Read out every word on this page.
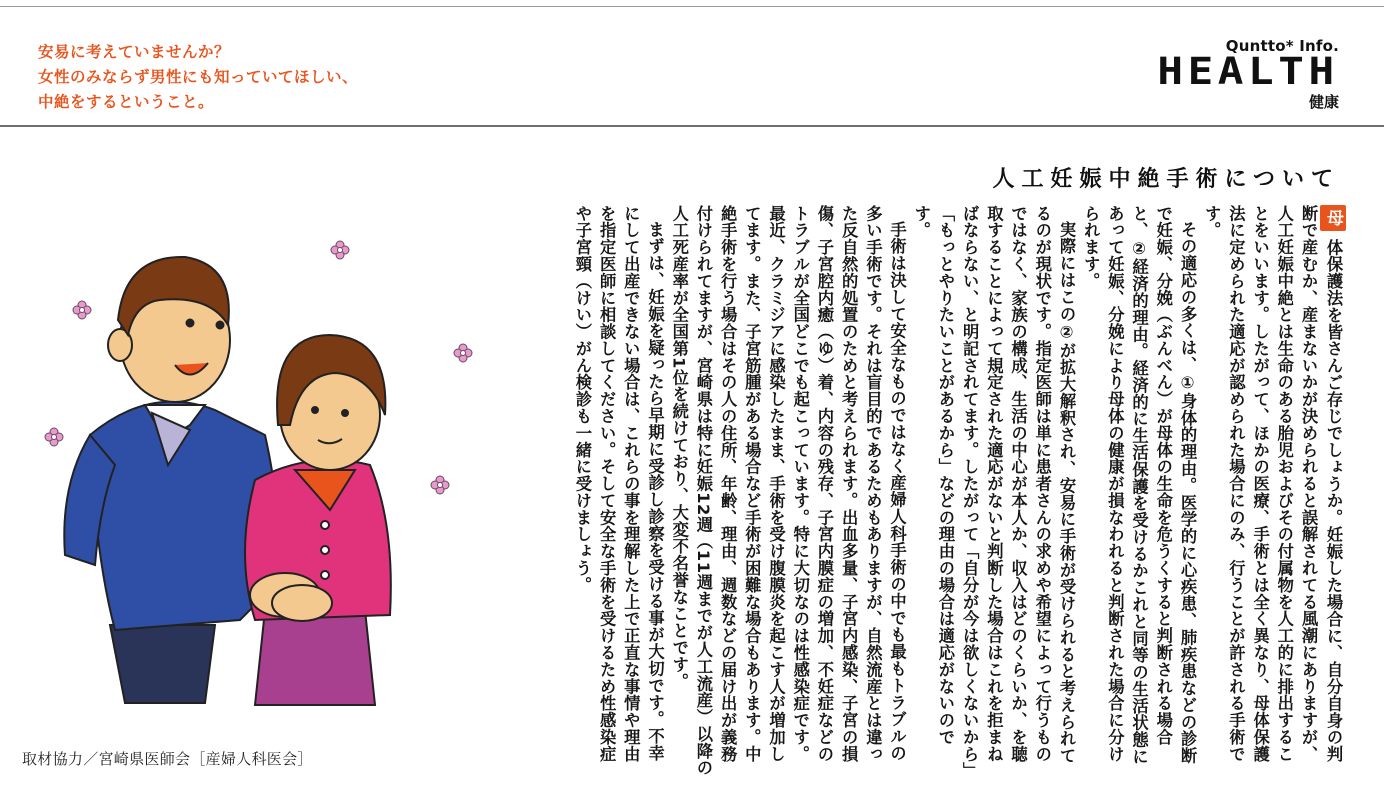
安易に考えていませんか？
女性のみならず男性にも知っていてほしい、
中絶をするということ。
Quntto* Info.
HEALTH
健康
人工妊娠中絶手術について

母体保護法を皆さんご存じでしょうか。妊娠した場合に、自分自身の判断で産むか、産まないかが決められると誤解されてる風潮にありますが、人工妊娠中絶とは生命のある胎児およびその付属物を人工的に排出することをいいます。したがって、ほかの医療、手術とは全く異なり、母体保護法に定められた適応が認められた場合にのみ、行うことが許される手術です。

その適応の多くは、①身体的理由。医学的に心疾患、肺疾患などの診断で妊娠、分娩（ぶんべん）が母体の生命を危うくすると判断される場合と、②経済的理由。経済的に生活保護を受けるかこれと同等の生活状態にあって妊娠、分娩により母体の健康が損なわれると判断された場合に分けられます。

実際にはこの②が拡大解釈され、安易に手術が受けられると考えられてるのが現状です。指定医師は単に患者さんの求めや希望によって行うものではなく、家族の構成、生活の中心が本人か、収入はどのくらいか、を聴取することによって規定された適応がないと判断した場合はこれを拒まねばならない、と明記されてます。したがって「自分が今は欲しくないから」「もっとやりたいことがあるから」などの理由の場合は適応がないのです。

手術は決して安全なものではなく産婦人科手術の中でも最もトラブルの多い手術です。それは盲目的であるためもありますが、自然流産とは違った反自然的処置のためと考えられます。出血多量、子宮内感染、子宮の損傷、子宮腔内癒（ゆ）着、内容の残存、子宮内膜症の増加、不妊症などのトラブルが全国どこでも起こっています。特に大切なのは性感染症です。最近、クラミジアに感染したまま、手術を受け腹膜炎を起こす人が増加してます。また、子宮筋腫がある場合など手術が困難な場合もあります。中絶手術を行う場合はその人の住所、年齢、理由、週数などの届け出が義務付けられてますが、宮崎県は特に妊娠12週（11週までが人工流産）以降の人工死産率が全国第1位を続けており、大変不名誉なことです。

まずは、妊娠を疑ったら早期に受診し診察を受ける事が大切です。不幸にして出産できない場合は、これらの事を理解した上で正直な事情や理由を指定医師に相談してください。そして安全な手術を受けるため性感染症や子宮頸（けい）がん検診も一緒に受けましょう。

取材協力／宮崎県医師会［産婦人科医会］
